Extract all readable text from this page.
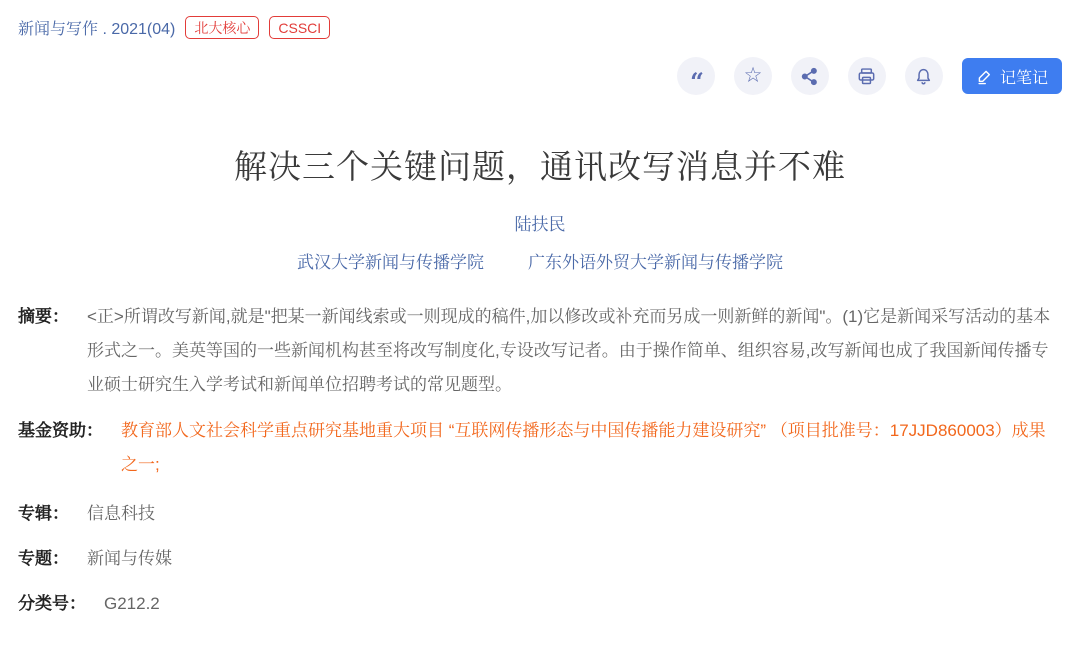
新闻与写作 . 2021(04)	北大核心	CSSCI
“ ☆	记笔记
解决三个关键问题，通讯改写消息并不难
陆扶民
武汉大学新闻与传播学院	广东外语外贸大学新闻与传播学院
摘要： <正>所谓改写新闻,就是"把某一新闻线索或一则现成的稿件,加以修改或补充而另成一则新鲜的新闻"。(1)它是新闻采写活动的基本形式之一。美英等国的一些新闻机构甚至将改写制度化,专设改写记者。由于操作简单、组织容易,改写新闻也成了我国新闻传播专业硕士研究生入学考试和新闻单位招聘考试的常见题型。
基金资助： 教育部人文社会科学重点研究基地重大项目 “互联网传播形态与中国传播能力建设研究” （项目批准号：17JJD860003）成果之一;
专辑： 信息科技
专题： 新闻与传媒
分类号： G212.2
